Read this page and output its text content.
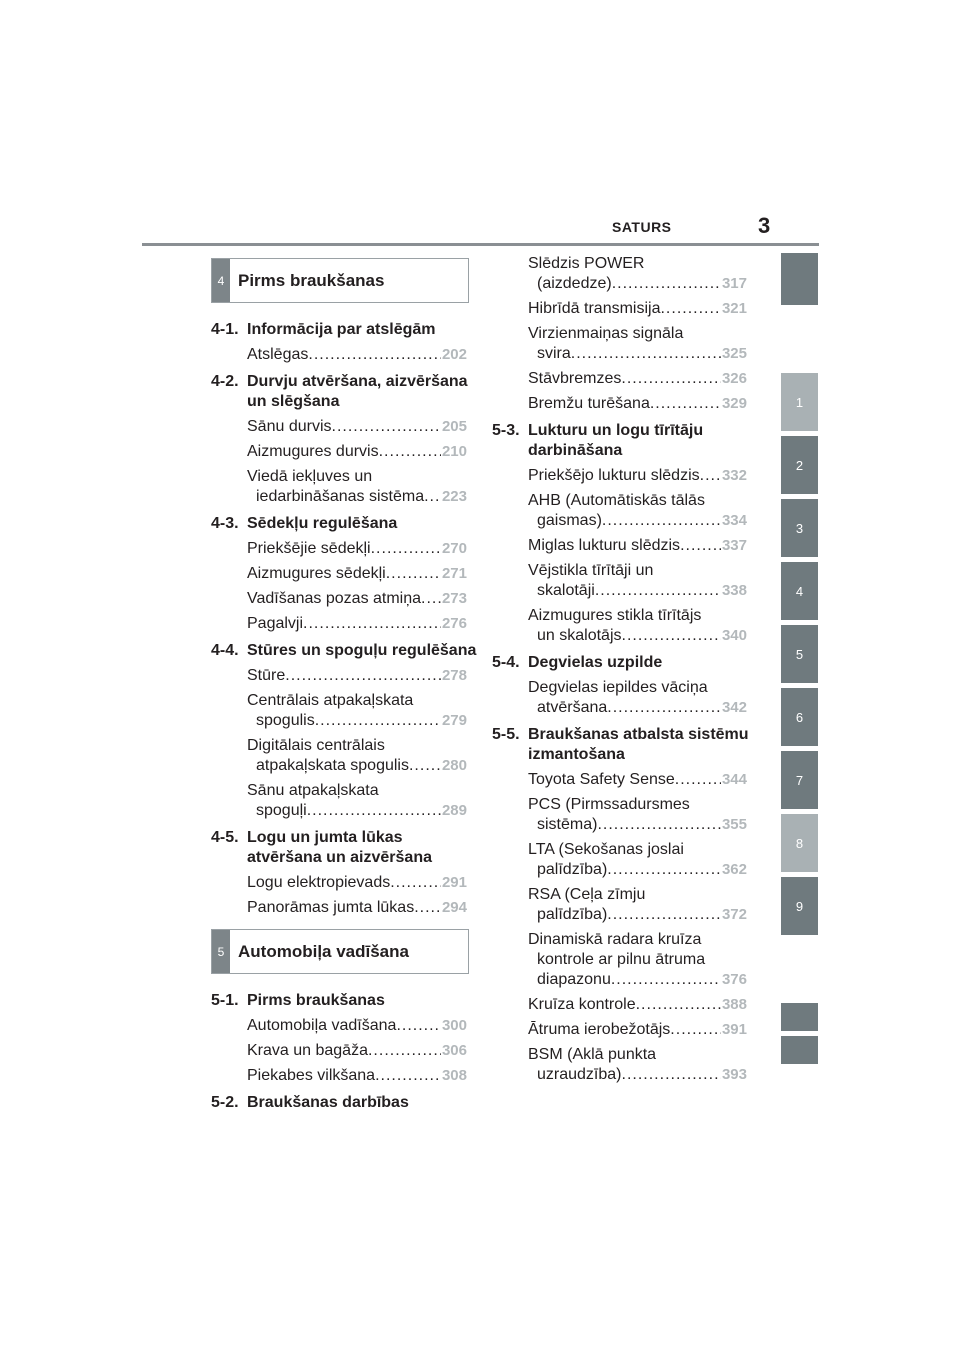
SATURS	3
1
2
3
4
5
6
7
8
9
4 Pirms braukšanas
4-1. Informācija par atslēgām
Atslēgas .....	202
4-2. Durvju atvēršana, aizvēršana
un slēgšana
Sānu durvis .....	205
Aizmugures durvis .....	210
Viedā iekļuves un
iedarbināšanas sistēma ..... 223
4-3. Sēdekļu regulēšana
Priekšējie sēdekļi .....	270
Aizmugures sēdekļi .....	271
Vadīšanas pozas atmiņa ..... 273
Pagalvji .....	276
4-4. Stūres un spoguļu regulēšana
Stūre .....	278
Centrālais atpakaļskata
spogulis .....	279
Digitālais centrālais
atpakaļskata spogulis ..... 280
Sānu atpakaļskata
spoguļi .....	289
4-5. Logu un jumta lūkas
atvēršana un aizvēršana
Logu elektropievads .....	291
Panorāmas jumta lūkas ..... 294
5 Automobiļa vadīšana
5-1. Pirms braukšanas
Automobiļa vadīšana .....	300
Krava un bagāža .....	306
Piekabes vilkšana .....	308
5-2. Braukšanas darbības
Slēdzis POWER
(aizdedze) .....	317
Hibrīdā transmisija .....	321
Virzienmaiņas signāla
svira .....	325
Stāvbremzes .....	326
Bremžu turēšana .....	329
5-3. Lukturu un logu tīrītāju
darbināšana
Priekšējo lukturu slēdzis ..... 332
AHB (Automātiskās tālās
gaismas) .....	334
Miglas lukturu slēdzis .....	337
Vējstikla tīrītāji un
skalotāji .....	338
Aizmugures stikla tīrītājs
un skalotājs .....	340
5-4. Degvielas uzpilde
Degvielas iepildes vāciņa
atvēršana .....	342
5-5. Braukšanas atbalsta sistēmu
izmantošana
Toyota Safety Sense .....	344
PCS (Pirmssadursmes
sistēma) .....	355
LTA (Sekošanas joslai
palīdzība) .....	362
RSA (Ceļa zīmju
palīdzība) .....	372
Dinamiskā radara kruīza
kontrole ar pilnu ātruma
diapazonu .....	376
Kruīza kontrole .....	388
Ātruma ierobežotājs .....	391
BSM (Aklā punkta
uzraudzība) .....	393
